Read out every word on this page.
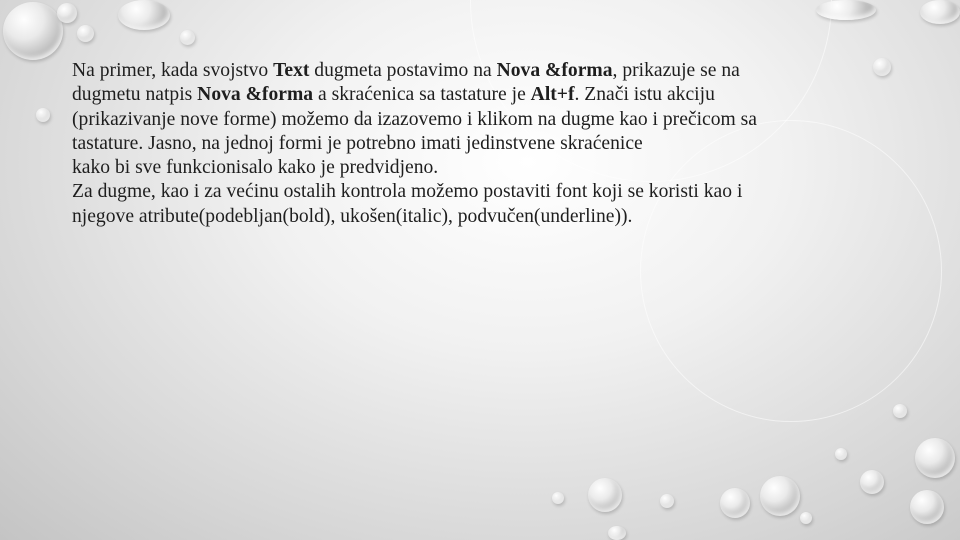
Na primer, kada svojstvo Text dugmeta postavimo na Nova &forma, prikazuje se na

dugmetu natpis Nova &forma a skraćenica sa tastature je Alt+f. Znači istu akciju

(prikazivanje nove forme) možemo da izazovemo i klikom na dugme kao i prečicom sa

tastature. Jasno, na jednoj formi je potrebno imati jedinstvene skraćenice

kako bi sve funkcionisalo kako je predvidjeno.

Za dugme, kao i za većinu ostalih kontrola možemo postaviti font koji se koristi kao i

njegove atribute(podebljan(bold), ukošen(italic), podvučen(underline)).
